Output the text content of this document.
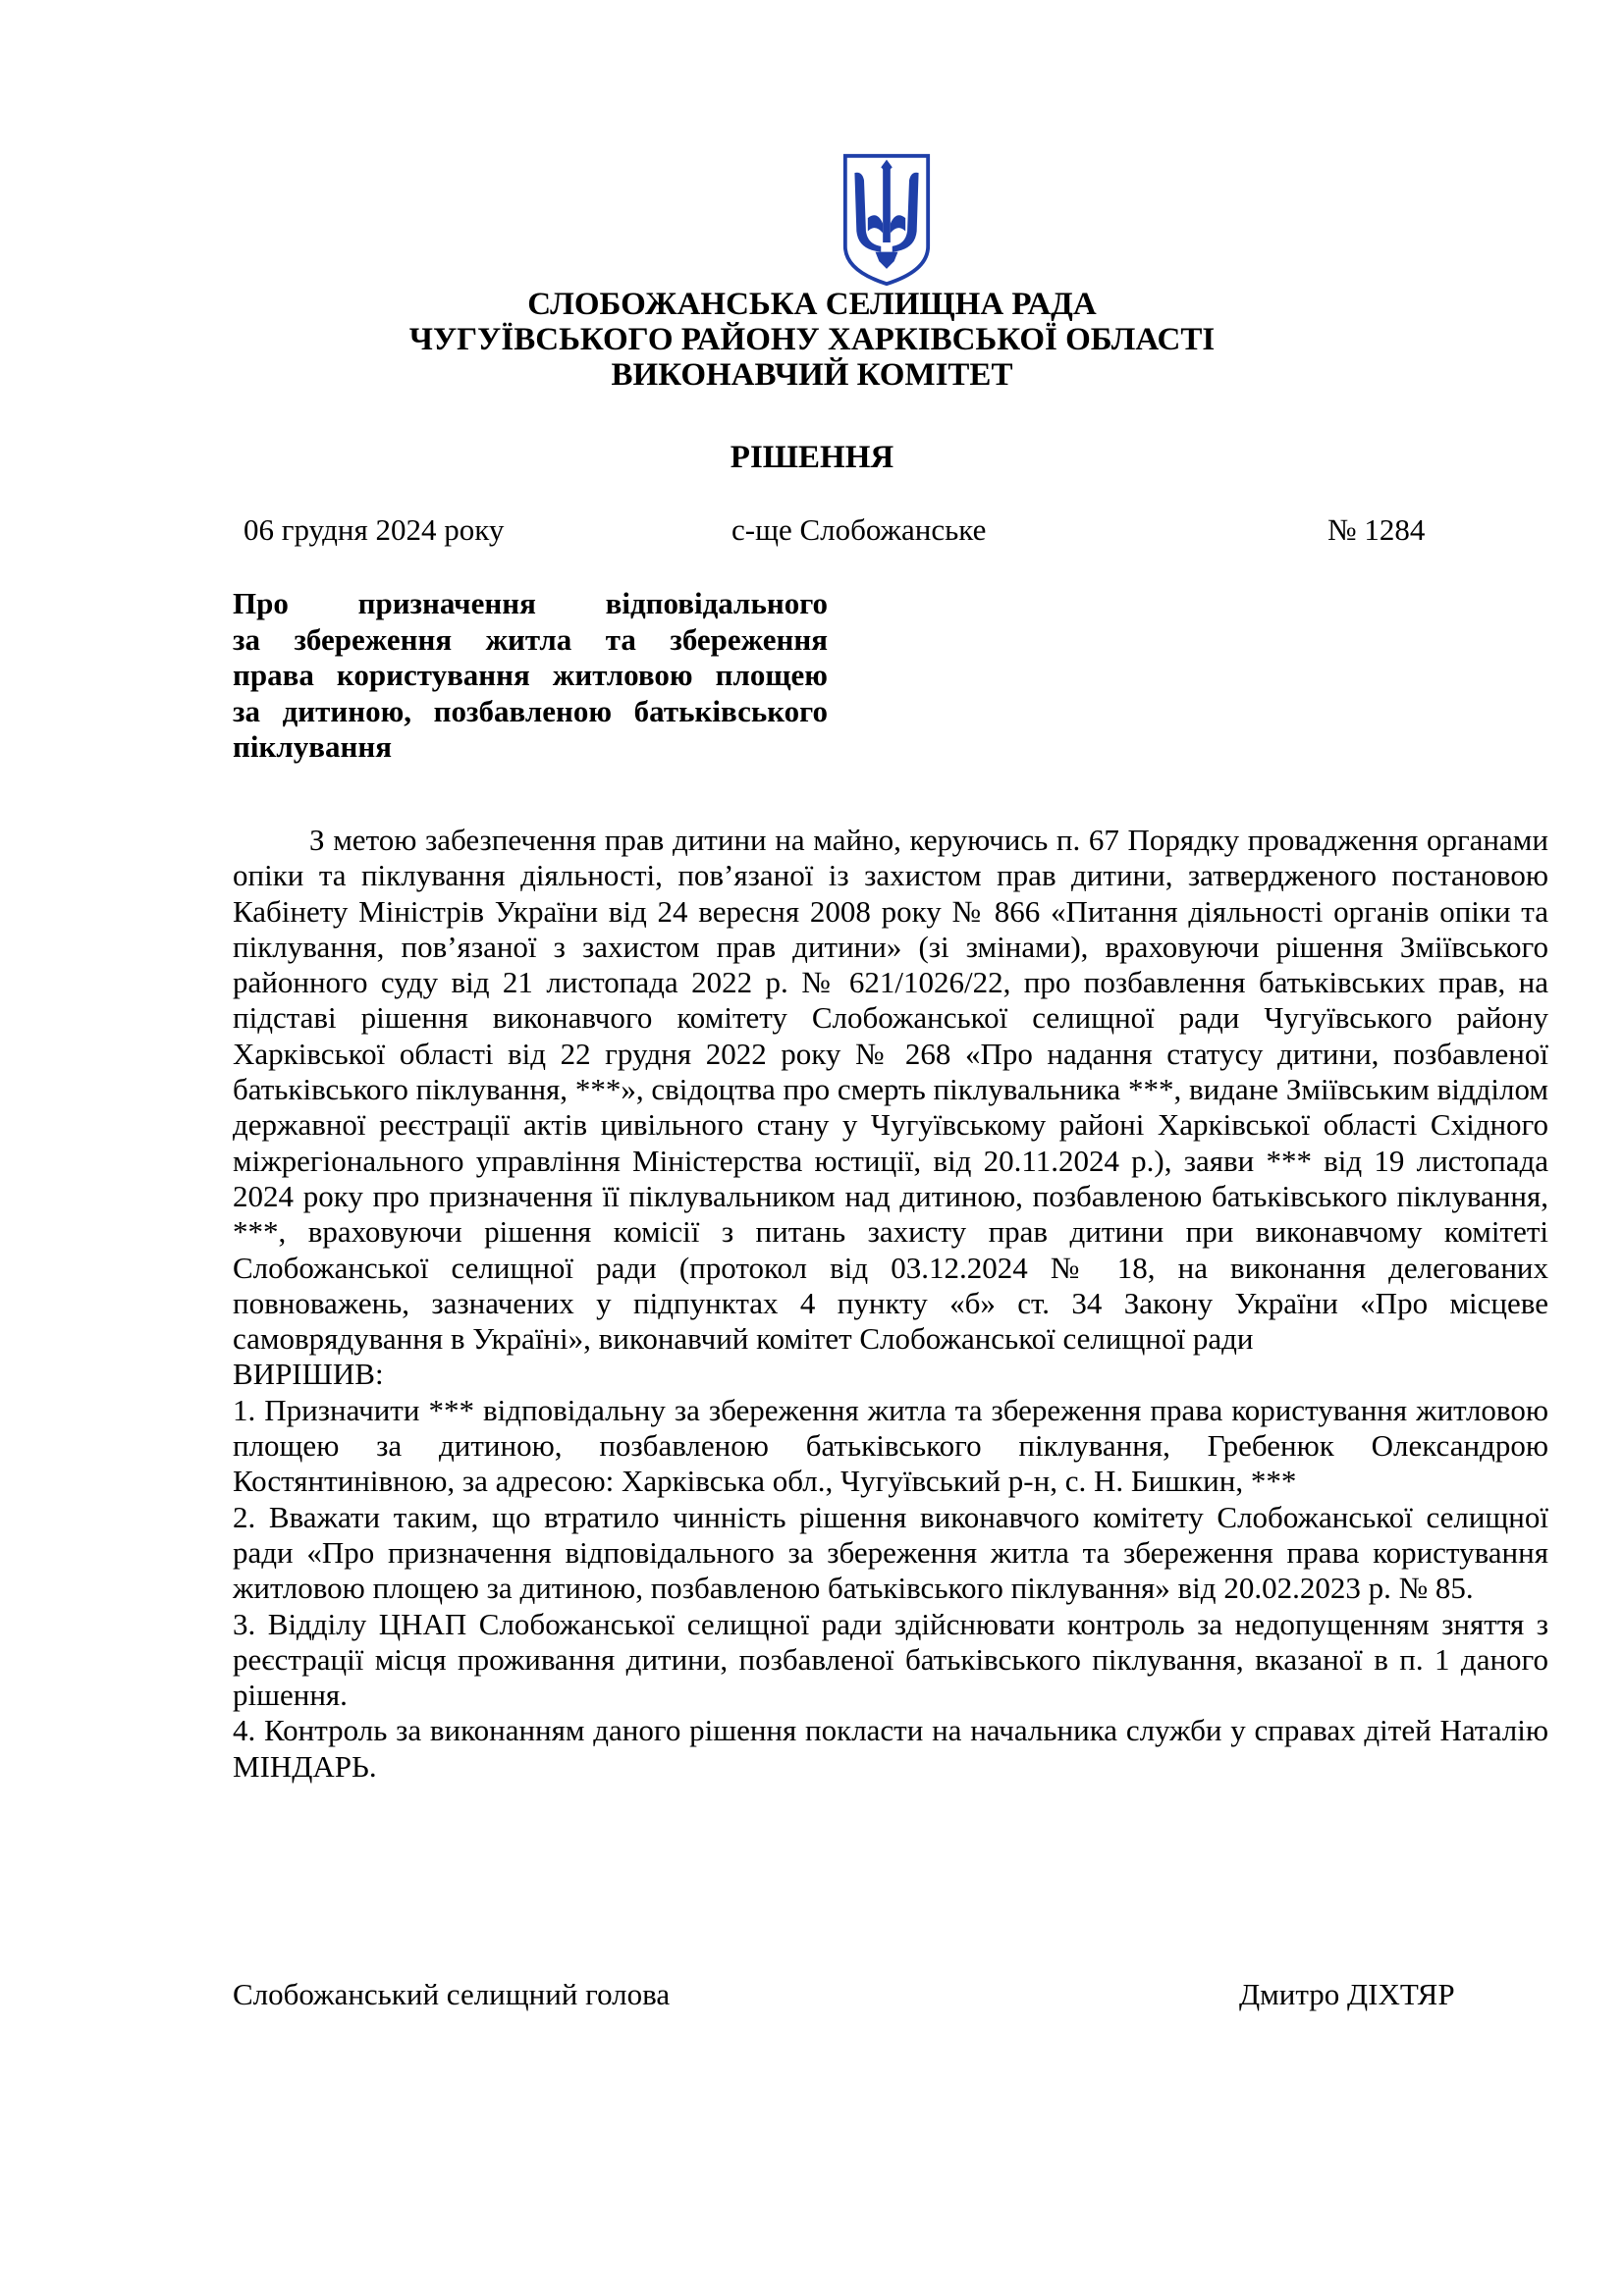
СЛОБОЖАНСЬКА СЕЛИЩНА РАДА
ЧУГУЇВСЬКОГО РАЙОНУ ХАРКІВСЬКОЇ ОБЛАСТІ
ВИКОНАВЧИЙ КОМІТЕТ
РІШЕННЯ
06 грудня 2024 року	с-ще Слобожанське	№ 1284
Про призначення відповідального
за збереження житла та збереження
права користування житловою площею
за дитиною, позбавленою батьківського
піклування

З метою забезпечення прав дитини на майно, керуючись п. 67 Порядку провадження органами опіки та піклування діяльності, пов’язаної із захистом прав дитини, затвердженого постановою Кабінету Міністрів України від 24 вересня 2008 року № 866 «Питання діяльності органів опіки та піклування, пов’язаної з захистом прав дитини» (зі змінами), враховуючи рішення Зміївського районного суду від 21 листопада 2022 р. № 621/1026/22, про позбавлення батьківських прав, на підставі рішення виконавчого комітету Слобожанської селищної ради Чугуївського району Харківської області від 22 грудня 2022 року № 268 «Про надання статусу дитини, позбавленої батьківського піклування, ***», свідоцтва про смерть піклувальника ***, видане Зміївським відділом державної реєстрації актів цивільного стану у Чугуївському районі Харківської області Східного міжрегіонального управління Міністерства юстиції, від 20.11.2024 р.), заяви *** від 19 листопада 2024 року про призначення її піклувальником над дитиною, позбавленою батьківського піклування, ***, враховуючи рішення комісії з питань захисту прав дитини при виконавчому комітеті Слобожанської селищної ради (протокол від 03.12.2024 № 18, на виконання делегованих повноважень, зазначених у підпунктах 4 пункту «б» ст. 34 Закону України «Про місцеве самоврядування в Україні», виконавчий комітет Слобожанської селищної ради

ВИРІШИВ:

1. Призначити *** відповідальну за збереження житла та збереження права користування житловою площею за дитиною, позбавленою батьківського піклування, Гребенюк Олександрою Костянтинівною, за адресою: Харківська обл., Чугуївський р-н, с. Н. Бишкин, ***

2. Вважати таким, що втратило чинність рішення виконавчого комітету Слобожанської селищної ради «Про призначення відповідального за збереження житла та збереження права користування житловою площею за дитиною, позбавленою батьківського піклування» від 20.02.2023 р. № 85.

3. Відділу ЦНАП Слобожанської селищної ради здійснювати контроль за недопущенням зняття з реєстрації місця проживання дитини, позбавленої батьківського піклування, вказаної в п. 1 даного рішення.

4. Контроль за виконанням даного рішення покласти на начальника служби у справах дітей Наталію МІНДАРЬ.

Слобожанський селищний голова	Дмитро ДІХТЯР
